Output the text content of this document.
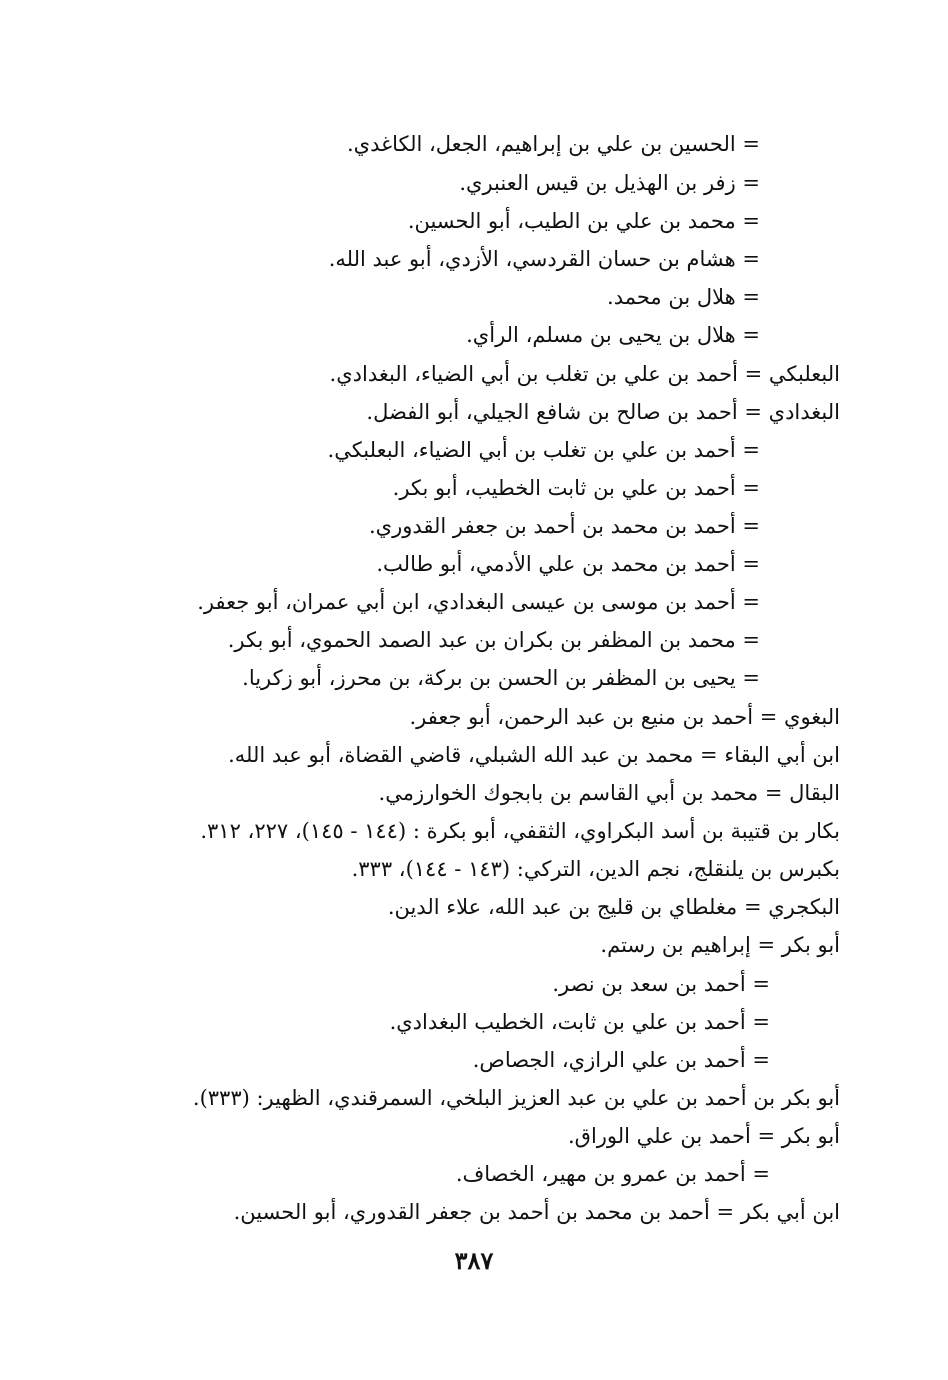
= الحسين بن علي بن إبراهيم، الجعل، الكاغدي.
= زفر بن الهذيل بن قيس العنبري.
= محمد بن علي بن الطيب، أبو الحسين.
= هشام بن حسان القردسي، الأزدي، أبو عبد الله.
= هلال بن محمد.
= هلال بن يحيى بن مسلم، الرأي.
البعلبكي = أحمد بن علي بن تغلب بن أبي الضياء، البغدادي.
البغدادي = أحمد بن صالح بن شافع الجيلي، أبو الفضل.
= أحمد بن علي بن تغلب بن أبي الضياء، البعلبكي.
= أحمد بن علي بن ثابت الخطيب، أبو بكر.
= أحمد بن محمد بن أحمد بن جعفر القدوري.
= أحمد بن محمد بن علي الأدمي، أبو طالب.
= أحمد بن موسى بن عيسى البغدادي، ابن أبي عمران، أبو جعفر.
= محمد بن المظفر بن بكران بن عبد الصمد الحموي، أبو بكر.
= يحيى بن المظفر بن الحسن بن بركة، بن محرز، أبو زكريا.
البغوي = أحمد بن منيع بن عبد الرحمن، أبو جعفر.
ابن أبي البقاء = محمد بن عبد الله الشبلي، قاضي القضاة، أبو عبد الله.
البقال = محمد بن أبي القاسم بن بابجوك الخوارزمي.
بكار بن قتيبة بن أسد البكراوي، الثقفي، أبو بكرة : (١٤٤ - ١٤٥)، ٢٢٧، ٣١٢.
بكبرس بن يلنقلج، نجم الدين، التركي: (١٤٣ - ١٤٤)، ٣٣٣.
البكجري = مغلطاي بن قليج بن عبد الله، علاء الدين.
أبو بكر = إبراهيم بن رستم.
= أحمد بن سعد بن نصر.
= أحمد بن علي بن ثابت، الخطيب البغدادي.
= أحمد بن علي الرازي، الجصاص.
أبو بكر بن أحمد بن علي بن عبد العزيز البلخي، السمرقندي، الظهير: (٣٣٣).
أبو بكر = أحمد بن علي الوراق.
= أحمد بن عمرو بن مهير، الخصاف.
ابن أبي بكر = أحمد بن محمد بن أحمد بن جعفر القدوري، أبو الحسين.
٣٨٧
